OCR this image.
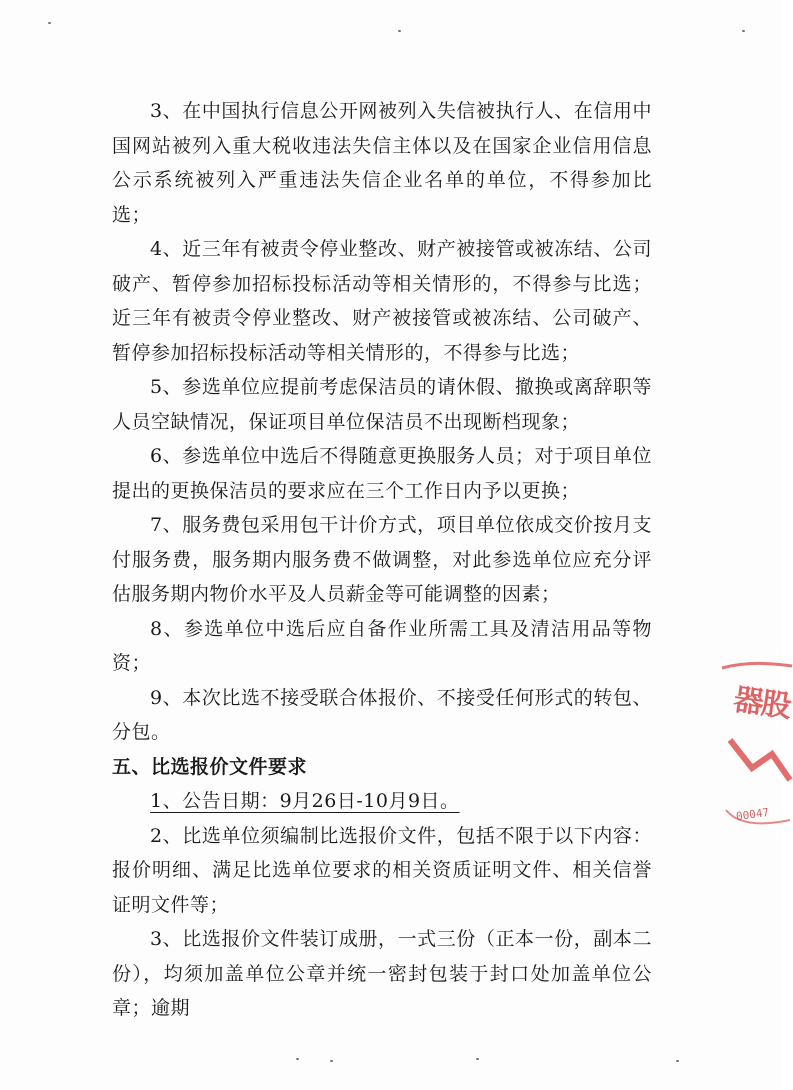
3、在中国执行信息公开网被列入失信被执行人、在信用中国网站被列入重大税收违法失信主体以及在国家企业信用信息公示系统被列入严重违法失信企业名单的单位，不得参加比选；

4、近三年有被责令停业整改、财产被接管或被冻结、公司破产、暂停参加招标投标活动等相关情形的，不得参与比选；近三年有被责令停业整改、财产被接管或被冻结、公司破产、暂停参加招标投标活动等相关情形的，不得参与比选；

5、参选单位应提前考虑保洁员的请休假、撤换或离辞职等人员空缺情况，保证项目单位保洁员不出现断档现象；

6、参选单位中选后不得随意更换服务人员；对于项目单位提出的更换保洁员的要求应在三个工作日内予以更换；

7、服务费包采用包干计价方式，项目单位依成交价按月支付服务费，服务期内服务费不做调整，对此参选单位应充分评估服务期内物价水平及人员薪金等可能调整的因素；

8、参选单位中选后应自备作业所需工具及清洁用品等物资；

9、本次比选不接受联合体报价、不接受任何形式的转包、分包。

五、比选报价文件要求

1、公告日期：9月26日-10月9日。

2、比选单位须编制比选报价文件，包括不限于以下内容：报价明细、满足比选单位要求的相关资质证明文件、相关信誉证明文件等；

3、比选报价文件装订成册，一式三份（正本一份，副本二份），均须加盖单位公章并统一密封包装于封口处加盖单位公章；逾期

器股
00047
